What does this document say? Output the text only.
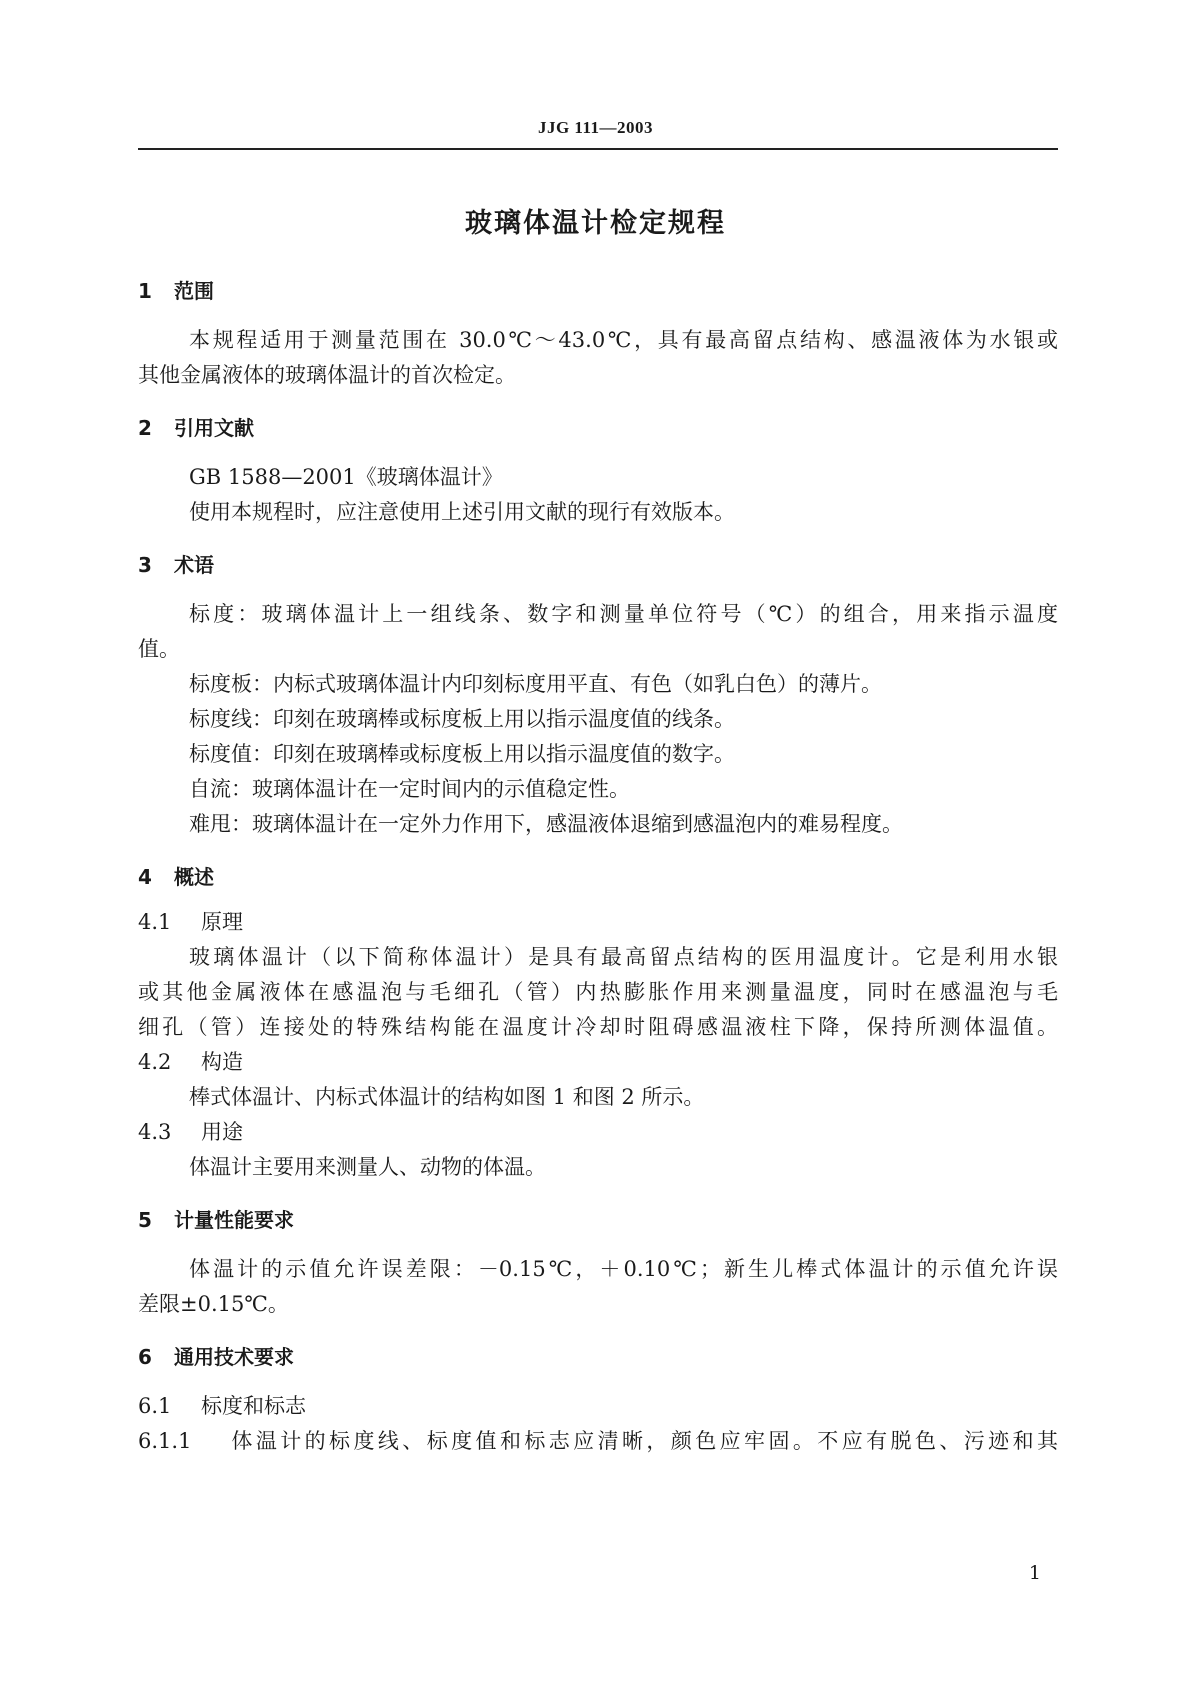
JJG 111—2003
玻璃体温计检定规程
1 范围
本规程适用于测量范围在 30.0℃～43.0℃，具有最高留点结构、感温液体为水银或
其他金属液体的玻璃体温计的首次检定。
2 引用文献
GB 1588—2001《玻璃体温计》
使用本规程时，应注意使用上述引用文献的现行有效版本。
3 术语
标度：玻璃体温计上一组线条、数字和测量单位符号（℃）的组合，用来指示温度
值。
标度板：内标式玻璃体温计内印刻标度用平直、有色（如乳白色）的薄片。
标度线：印刻在玻璃棒或标度板上用以指示温度值的线条。
标度值：印刻在玻璃棒或标度板上用以指示温度值的数字。
自流：玻璃体温计在一定时间内的示值稳定性。
难甩：玻璃体温计在一定外力作用下，感温液体退缩到感温泡内的难易程度。
4 概述
4.1 原理
玻璃体温计（以下简称体温计）是具有最高留点结构的医用温度计。它是利用水银
或其他金属液体在感温泡与毛细孔（管）内热膨胀作用来测量温度，同时在感温泡与毛
细孔（管）连接处的特殊结构能在温度计冷却时阻碍感温液柱下降，保持所测体温值。
4.2 构造
棒式体温计、内标式体温计的结构如图 1 和图 2 所示。
4.3 用途
体温计主要用来测量人、动物的体温。
5 计量性能要求
体温计的示值允许误差限：－0.15℃，＋0.10℃；新生儿棒式体温计的示值允许误
差限±0.15℃。
6 通用技术要求
6.1 标度和标志
6.1.1 体温计的标度线、标度值和标志应清晰，颜色应牢固。不应有脱色、污迹和其
1
